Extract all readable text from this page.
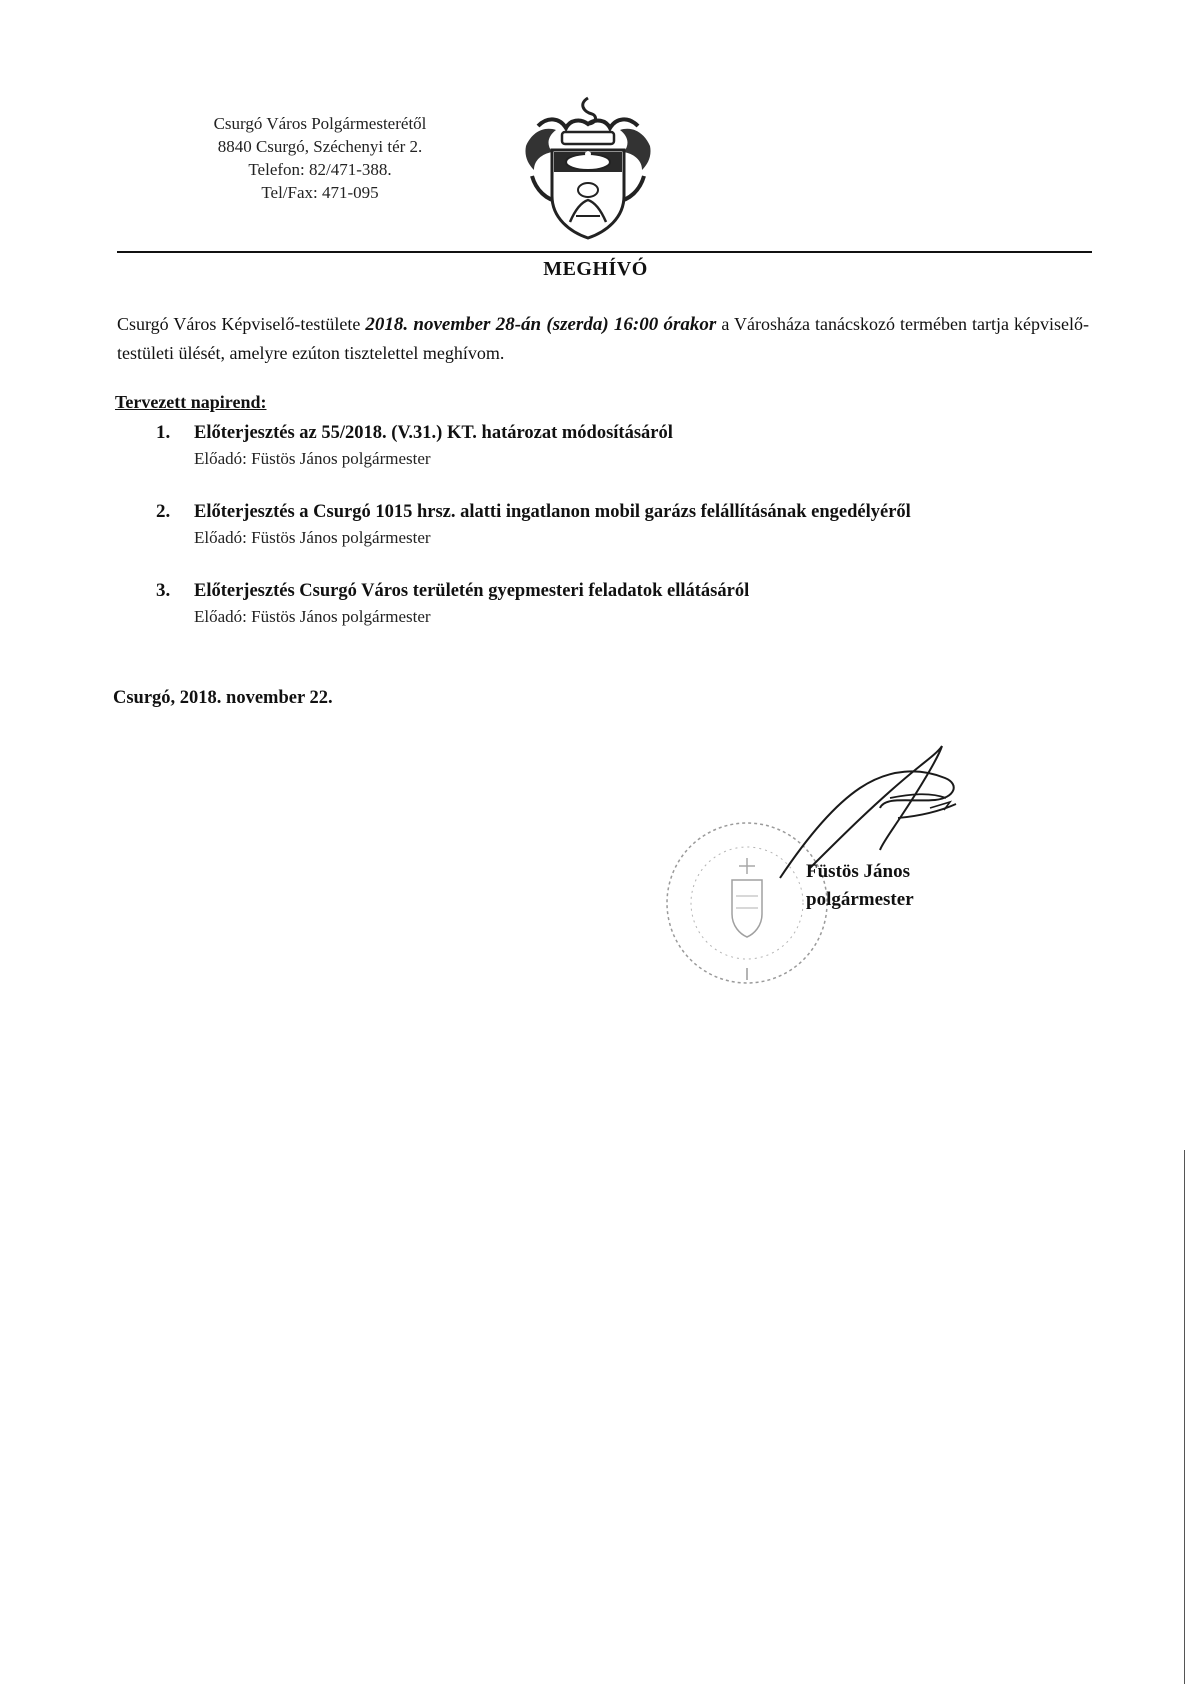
Csurgó Város Polgármesterétől
8840 Csurgó, Széchenyi tér 2.
Telefon: 82/471-388.
Tel/Fax: 471-095
MEGHÍVÓ
Csurgó Város Képviselő-testülete 2018. november 28-án (szerda) 16:00 órakor a Városháza tanácskozó termében tartja képviselő-testületi ülését, amelyre ezúton tisztelettel meghívom.
Tervezett napirend:
1. Előterjesztés az 55/2018. (V.31.) KT. határozat módosításáról
Előadó: Füstös János polgármester
2. Előterjesztés a Csurgó 1015 hrsz. alatti ingatlanon mobil garázs felállításának engedélyéről
Előadó: Füstös János polgármester
3. Előterjesztés Csurgó Város területén gyepmesteri feladatok ellátásáról
Előadó: Füstös János polgármester
Csurgó, 2018. november 22.
Füstös János
polgármester
